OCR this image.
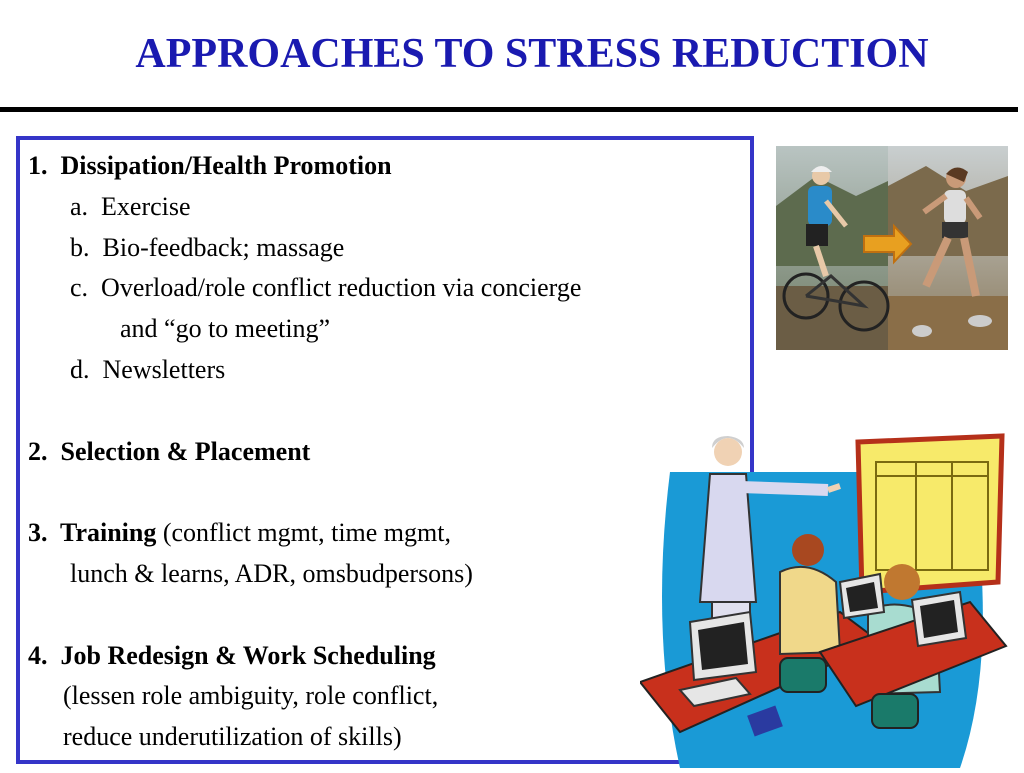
APPROACHES TO STRESS REDUCTION
1. Dissipation/Health Promotion
a. Exercise
b. Bio-feedback; massage
c. Overload/role conflict reduction via concierge
and “go to meeting”
d. Newsletters
2. Selection & Placement
3. Training (conflict mgmt, time mgmt,
lunch & learns, ADR, omsbudpersons)
4. Job Redesign & Work Scheduling
(lessen role ambiguity, role conflict,
reduce underutilization of skills)
